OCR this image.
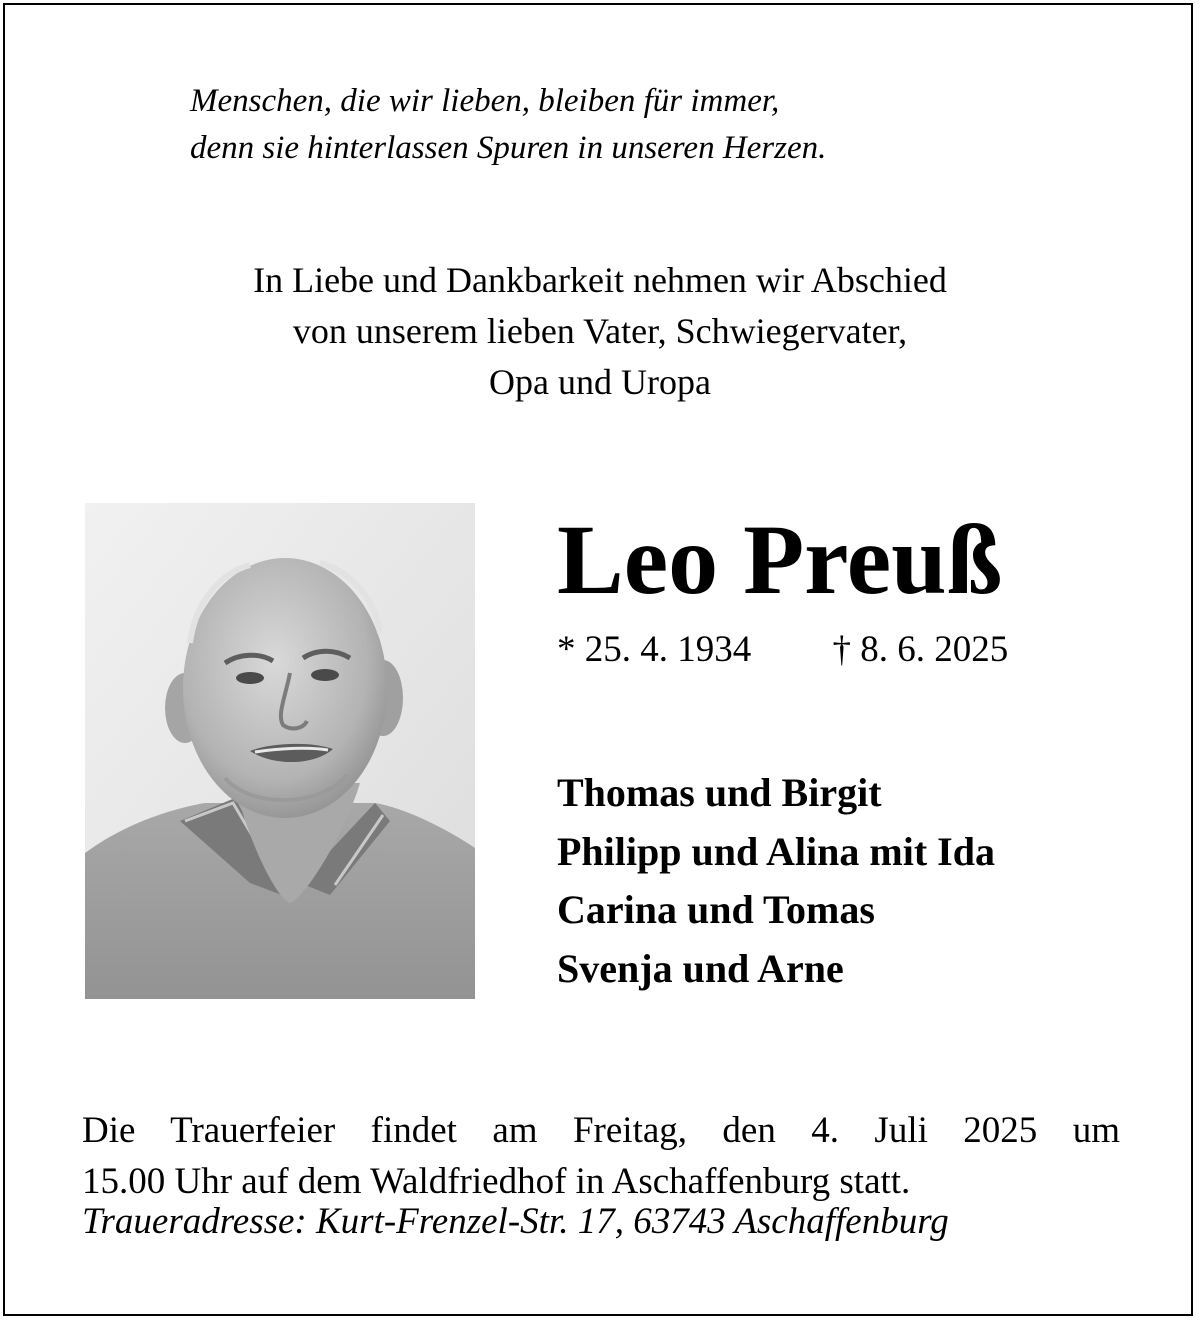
Menschen, die wir lieben, bleiben für immer,
denn sie hinterlassen Spuren in unseren Herzen.
In Liebe und Dankbarkeit nehmen wir Abschied
von unserem lieben Vater, Schwiegervater,
Opa und Uropa
Leo Preuß
* 25. 4. 1934 † 8. 6. 2025
Thomas und Birgit
Philipp und Alina mit Ida
Carina und Tomas
Svenja und Arne
Die Trauerfeier findet am Freitag, den 4. Juli 2025 um
15.00 Uhr auf dem Waldfriedhof in Aschaffenburg statt.
Traueradresse: Kurt-Frenzel-Str. 17, 63743 Aschaffenburg
